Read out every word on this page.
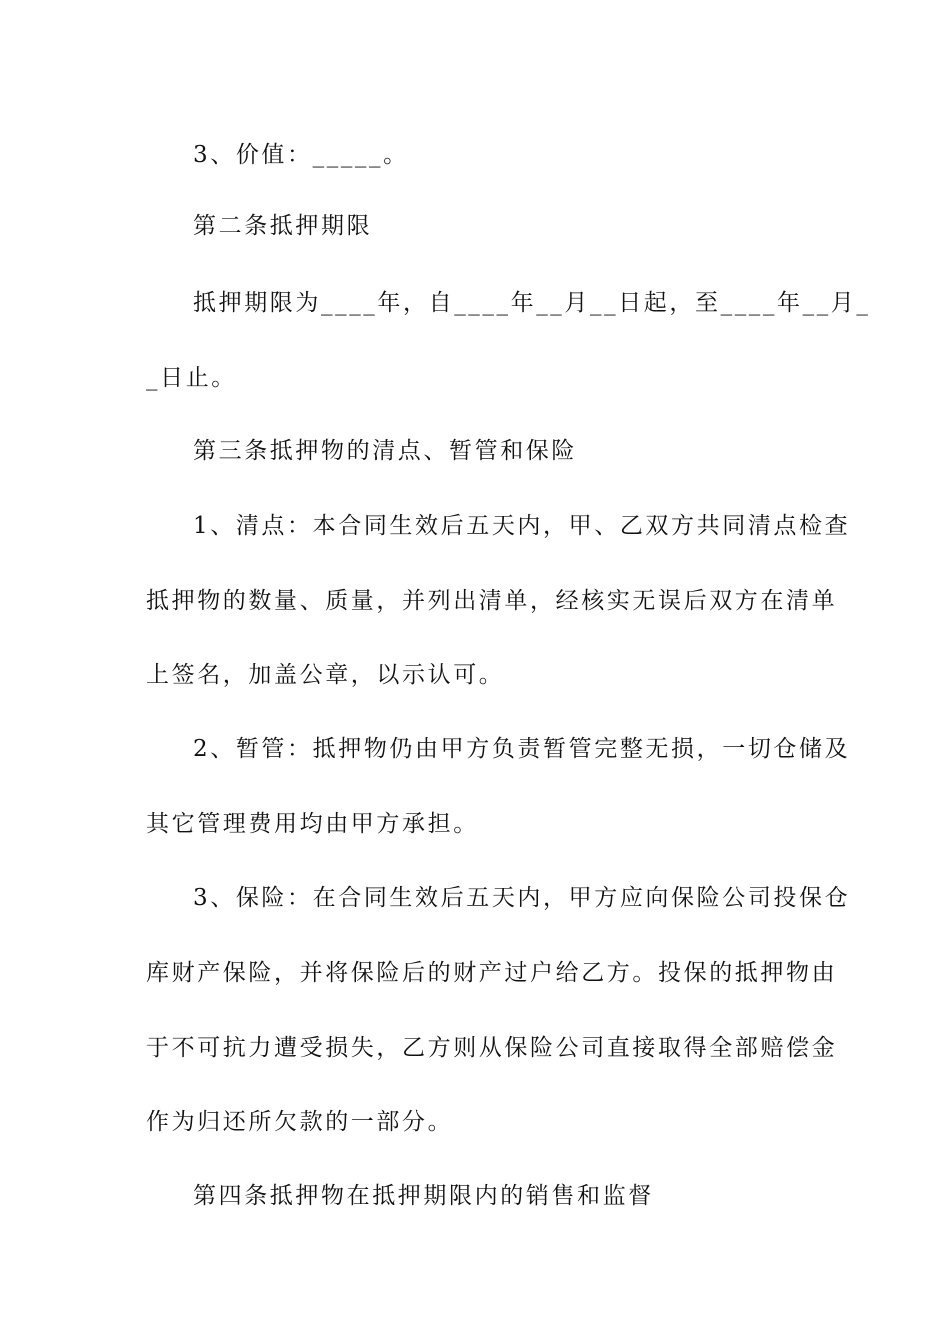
3、价值：_____。
第二条抵押期限
抵押期限为____年，自____年__月__日起，至____年__月_
_日止。
第三条抵押物的清点、暂管和保险
1、清点：本合同生效后五天内，甲、乙双方共同清点检查
抵押物的数量、质量，并列出清单，经核实无误后双方在清单
上签名，加盖公章，以示认可。
2、暂管：抵押物仍由甲方负责暂管完整无损，一切仓储及
其它管理费用均由甲方承担。
3、保险：在合同生效后五天内，甲方应向保险公司投保仓
库财产保险，并将保险后的财产过户给乙方。投保的抵押物由
于不可抗力遭受损失，乙方则从保险公司直接取得全部赔偿金
作为归还所欠款的一部分。
第四条抵押物在抵押期限内的销售和监督
